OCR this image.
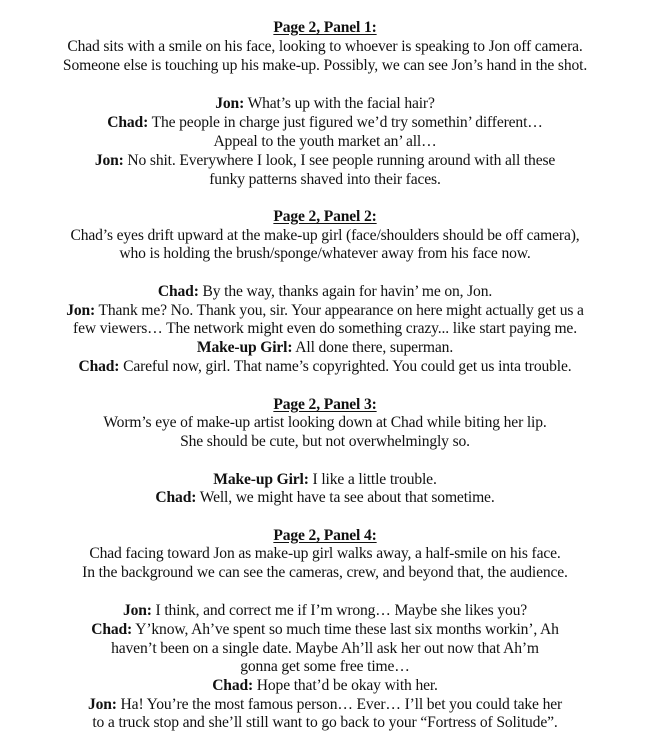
Page 2, Panel 1:
Chad sits with a smile on his face, looking to whoever is speaking to Jon off camera.
Someone else is touching up his make-up. Possibly, we can see Jon’s hand in the shot.
Jon: What’s up with the facial hair?
Chad: The people in charge just figured we’d try somethin’ different…
Appeal to the youth market an’ all…
Jon: No shit. Everywhere I look, I see people running around with all these
funky patterns shaved into their faces.
Page 2, Panel 2:
Chad’s eyes drift upward at the make-up girl (face/shoulders should be off camera),
who is holding the brush/sponge/whatever away from his face now.
Chad: By the way, thanks again for havin’ me on, Jon.
Jon: Thank me? No. Thank you, sir. Your appearance on here might actually get us a
few viewers… The network might even do something crazy... like start paying me.
Make-up Girl: All done there, superman.
Chad: Careful now, girl. That name’s copyrighted. You could get us inta trouble.
Page 2, Panel 3:
Worm’s eye of make-up artist looking down at Chad while biting her lip.
She should be cute, but not overwhelmingly so.
Make-up Girl: I like a little trouble.
Chad: Well, we might have ta see about that sometime.
Page 2, Panel 4:
Chad facing toward Jon as make-up girl walks away, a half-smile on his face.
In the background we can see the cameras, crew, and beyond that, the audience.
Jon: I think, and correct me if I’m wrong… Maybe she likes you?
Chad: Y’know, Ah’ve spent so much time these last six months workin’, Ah
haven’t been on a single date. Maybe Ah’ll ask her out now that Ah’m
gonna get some free time…
Chad: Hope that’d be okay with her.
Jon: Ha! You’re the most famous person… Ever… I’ll bet you could take her
to a truck stop and she’ll still want to go back to your “Fortress of Solitude”.
